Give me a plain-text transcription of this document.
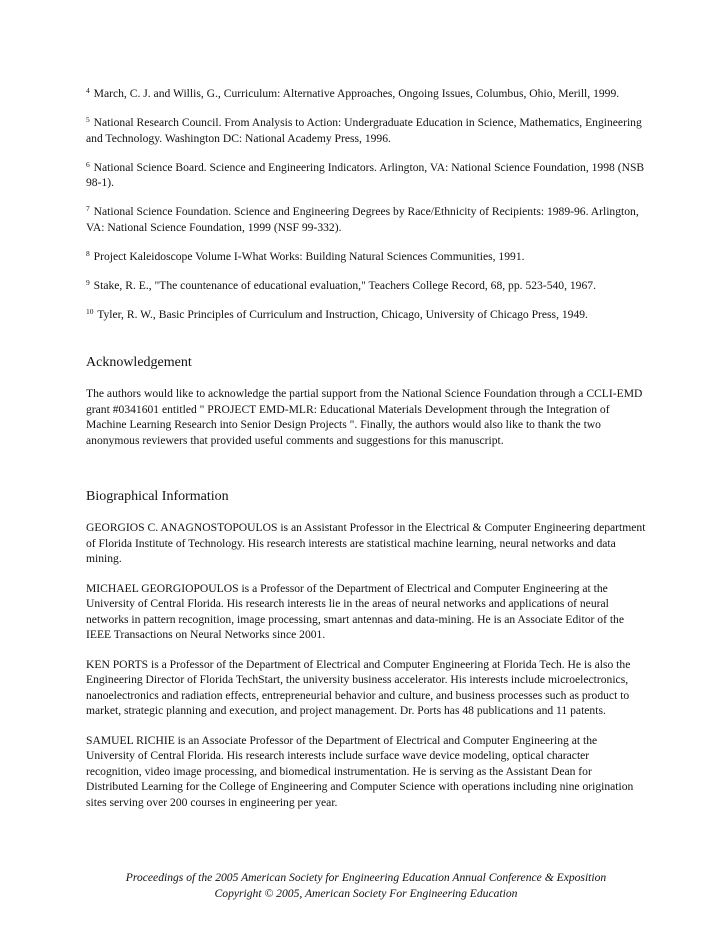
$^4$ March, C. J. and Willis, G., Curriculum: Alternative Approaches, Ongoing Issues, Columbus, Ohio, Merill, 1999.

$^5$ National Research Council. From Analysis to Action: Undergraduate Education in Science, Mathematics, Engineering and Technology. Washington DC: National Academy Press, 1996.

$^6$ National Science Board. Science and Engineering Indicators. Arlington, VA: National Science Foundation, 1998 (NSB 98-1).

$^7$ National Science Foundation. Science and Engineering Degrees by Race/Ethnicity of Recipients: 1989-96. Arlington, VA: National Science Foundation, 1999 (NSF 99-332).

$^8$ Project Kaleidoscope Volume I-What Works: Building Natural Sciences Communities, 1991.

$^9$ Stake, R. E., "The countenance of educational evaluation," Teachers College Record, 68, pp. 523-540, 1967.

$^{10}$ Tyler, R. W., Basic Principles of Curriculum and Instruction, Chicago, University of Chicago Press, 1949.

Acknowledgement

The authors would like to acknowledge the partial support from the National Science Foundation through a CCLI-EMD grant #0341601 entitled " PROJECT EMD-MLR: Educational Materials Development through the Integration of Machine Learning Research into Senior Design Projects ". Finally, the authors would also like to thank the two anonymous reviewers that provided useful comments and suggestions for this manuscript.

Biographical Information

GEORGIOS C. ANAGNOSTOPOULOS is an Assistant Professor in the Electrical & Computer Engineering department of Florida Institute of Technology. His research interests are statistical machine learning, neural networks and data mining.

MICHAEL GEORGIOPOULOS is a Professor of the Department of Electrical and Computer Engineering at the University of Central Florida. His research interests lie in the areas of neural networks and applications of neural networks in pattern recognition, image processing, smart antennas and data-mining. He is an Associate Editor of the IEEE Transactions on Neural Networks since 2001.

KEN PORTS is a Professor of the Department of Electrical and Computer Engineering at Florida Tech. He is also the Engineering Director of Florida TechStart, the university business accelerator. His interests include microelectronics, nanoelectronics and radiation effects, entrepreneurial behavior and culture, and business processes such as product to market, strategic planning and execution, and project management. Dr. Ports has 48 publications and 11 patents.

SAMUEL RICHIE is an Associate Professor of the Department of Electrical and Computer Engineering at the University of Central Florida. His research interests include surface wave device modeling, optical character recognition, video image processing, and biomedical instrumentation. He is serving as the Assistant Dean for Distributed Learning for the College of Engineering and Computer Science with operations including nine origination sites serving over 200 courses in engineering per year.

Proceedings of the 2005 American Society for Engineering Education Annual Conference & Exposition
Copyright © 2005, American Society For Engineering Education
